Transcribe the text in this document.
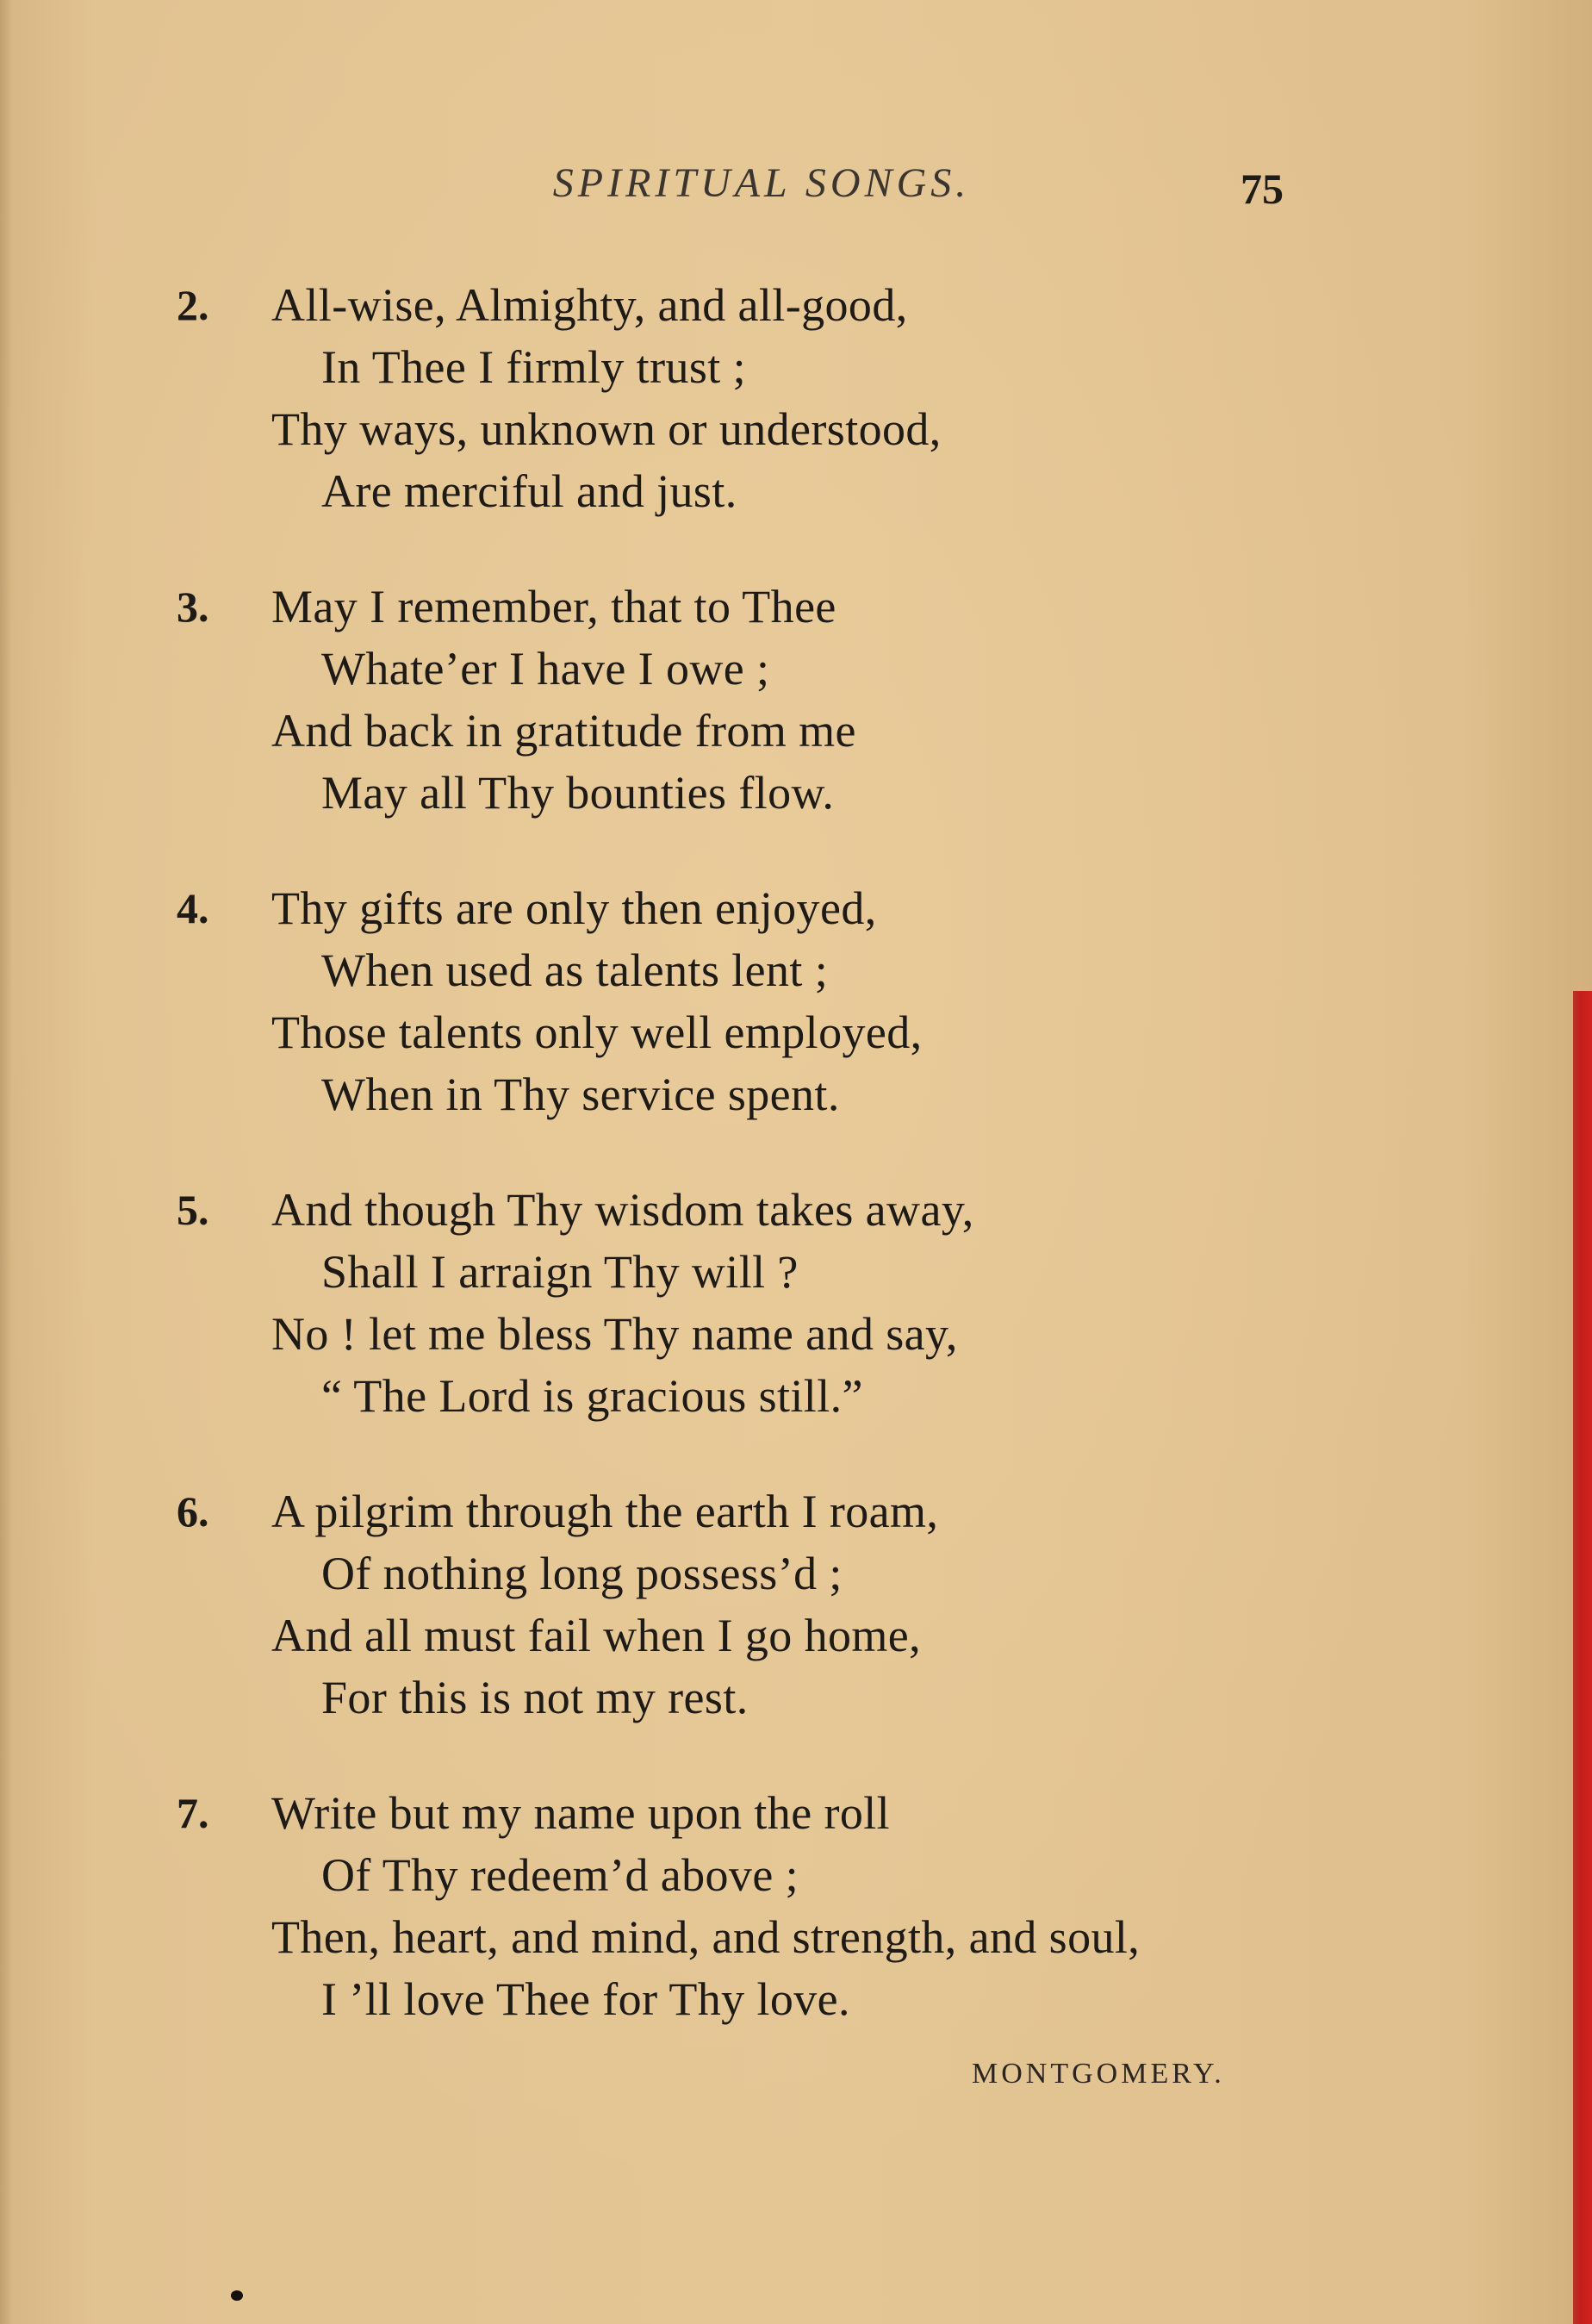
SPIRITUAL SONGS.	75
2.	All-wise, Almighty, and all-good,
In Thee I firmly trust ;
Thy ways, unknown or understood,
Are merciful and just.
3.	May I remember, that to Thee
Whate’er I have I owe ;
And back in gratitude from me
May all Thy bounties flow.
4.	Thy gifts are only then enjoyed,
When used as talents lent ;
Those talents only well employed,
When in Thy service spent.
5.	And though Thy wisdom takes away,
Shall I arraign Thy will ?
No ! let me bless Thy name and say,
“ The Lord is gracious still.”
6.	A pilgrim through the earth I roam,
Of nothing long possess’d ;
And all must fail when I go home,
For this is not my rest.
7.	Write but my name upon the roll
Of Thy redeem’d above ;
Then, heart, and mind, and strength, and soul,
I ’ll love Thee for Thy love.
MONTGOMERY.
